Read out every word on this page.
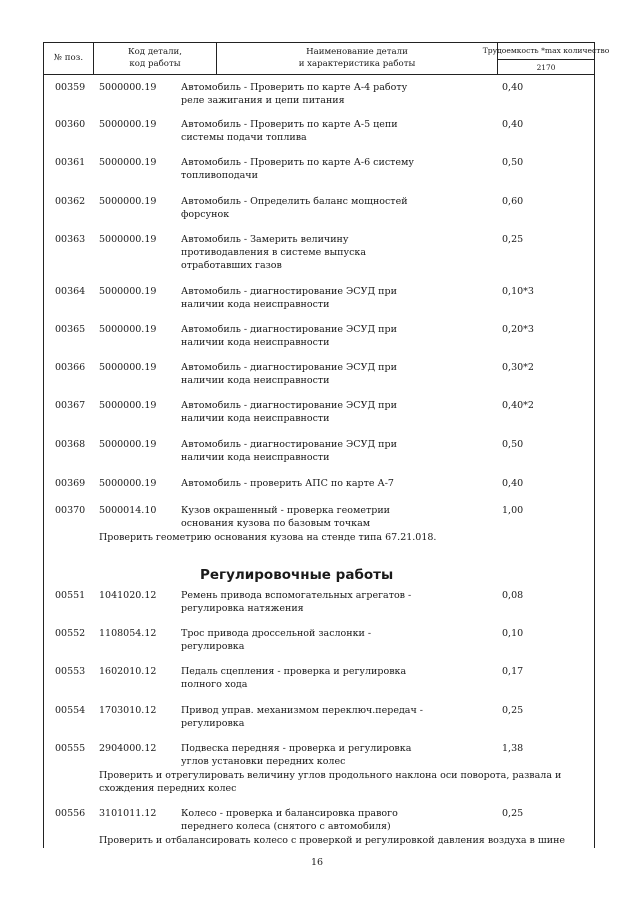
№ поз.
Код детали,
код работы
Наименование детали
и характеристика работы
Трудоемкость *max количество
2170
00359 5000000.19	Автомобиль - Проверить по карте А-4 работу
реле зажигания и цепи питания
0,40
00360 5000000.19	Автомобиль - Проверить по карте А-5 цепи
системы подачи топлива
0,40
00361 5000000.19	Автомобиль - Проверить по карте А-6 систему
топливоподачи
0,50
00362 5000000.19	Автомобиль - Определить баланс мощностей
форсунок
0,60
00363 5000000.19	Автомобиль - Замерить величину
противодавления в системе выпуска
отработавших газов
0,25
00364 5000000.19	Автомобиль - диагностирование ЭСУД при
наличии кода неисправности
0,10*3
00365 5000000.19	Автомобиль - диагностирование ЭСУД при
наличии кода неисправности
0,20*3
00366 5000000.19	Автомобиль - диагностирование ЭСУД при
наличии кода неисправности
0,30*2
00367 5000000.19	Автомобиль - диагностирование ЭСУД при
наличии кода неисправности
0,40*2
00368 5000000.19	Автомобиль - диагностирование ЭСУД при
наличии кода неисправности
0,50
00369 5000000.19	Автомобиль - проверить АПС по карте А-7	0,40
00370 5000014.10	Кузов окрашенный - проверка геометрии
основания кузова по базовым точкам
1,00
Проверить геометрию основания кузова на стенде типа 67.21.018.
00551 1041020.12	Ремень привода вспомогательных агрегатов -
регулировка натяжения
0,08
00552 1108054.12	Трос привода дроссельной заслонки -
регулировка
0,10
00553 1602010.12	Педаль сцепления - проверка и регулировка
полного хода
0,17
00554 1703010.12	Привод управ. механизмом переключ.передач -
регулировка
0,25
00555 2904000.12	Подвеска передняя - проверка и регулировка
углов установки передних колес
1,38
Проверить и отрегулировать величину углов продольного наклона оси поворота, развала и
схождения передних колес
00556 3101011.12	Колесо - проверка и балансировка правого
переднего колеса (снятого с автомобиля)
0,25
Проверить и отбалансировать колесо с проверкой и регулировкой давления воздуха в шине
Регулировочные работы
16
